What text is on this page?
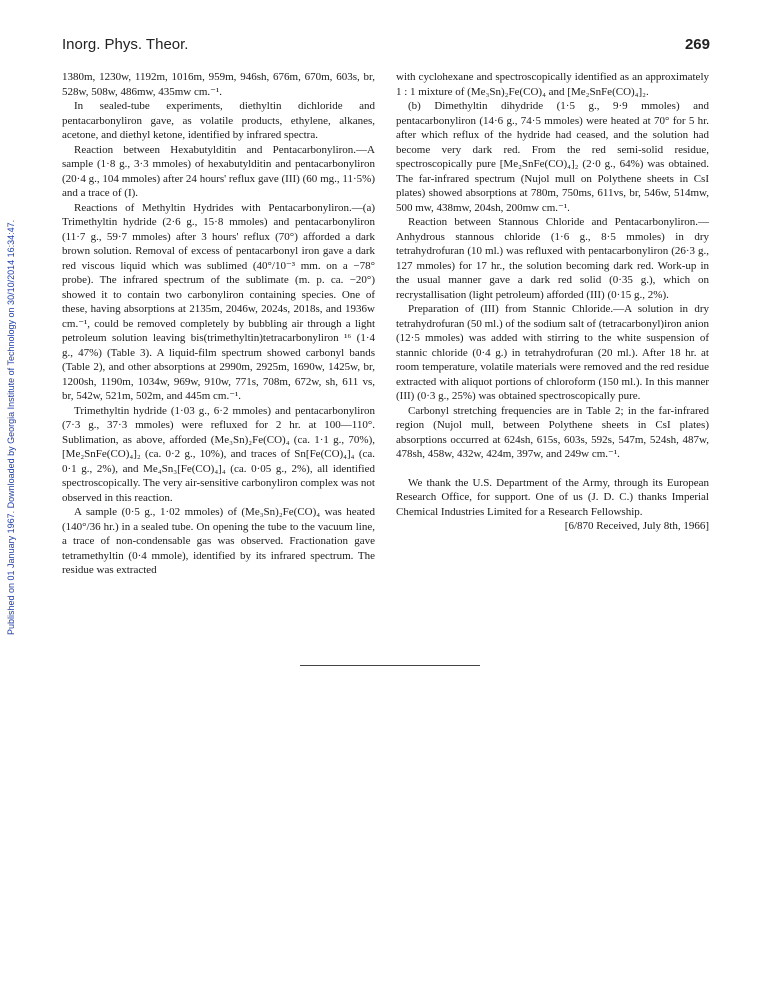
Published on 01 January 1967. Downloaded by Georgia Institute of Technology on 30/10/2014 16:34:47.
Inorg. Phys. Theor.	269

1380m, 1230w, 1192m, 1016m, 959m, 946sh, 676m, 670m, 603s, br, 528w, 508w, 486mw, 435mw cm.⁻¹.

In sealed-tube experiments, diethyltin dichloride and pentacarbonyliron gave, as volatile products, ethylene, alkanes, acetone, and diethyl ketone, identified by infrared spectra.

Reaction between Hexabutylditin and Pentacarbonyliron.—A sample (1·8 g., 3·3 mmoles) of hexabutylditin and pentacarbonyliron (20·4 g., 104 mmoles) after 24 hours' reflux gave (III) (60 mg., 11·5%) and a trace of (I).

Reactions of Methyltin Hydrides with Pentacarbonyliron.—(a) Trimethyltin hydride (2·6 g., 15·8 mmoles) and pentacarbonyliron (11·7 g., 59·7 mmoles) after 3 hours' reflux (70°) afforded a dark brown solution. Removal of excess of pentacarbonyl iron gave a dark red viscous liquid which was sublimed (40°/10⁻³ mm. on a −78° probe). The infrared spectrum of the sublimate (m. p. ca. −20°) showed it to contain two carbonyliron containing species. One of these, having absorptions at 2135m, 2046w, 2024s, 2018s, and 1936w cm.⁻¹, could be removed completely by bubbling air through a light petroleum solution leaving bis(trimethyltin)tetracarbonyliron ¹⁶ (1·4 g., 47%) (Table 3). A liquid-film spectrum showed carbonyl bands (Table 2), and other absorptions at 2990m, 2925m, 1690w, 1425w, br, 1200sh, 1190m, 1034w, 969w, 910w, 771s, 708m, 672w, sh, 611 vs, br, 542w, 521m, 502m, and 445m cm.⁻¹.

Trimethyltin hydride (1·03 g., 6·2 mmoles) and pentacarbonyliron (7·3 g., 37·3 mmoles) were refluxed for 2 hr. at 100—110°. Sublimation, as above, afforded (Me₃Sn)₂Fe(CO)₄ (ca. 1·1 g., 70%), [Me₂SnFe(CO)₄]₂ (ca. 0·2 g., 10%), and traces of Sn[Fe(CO)₄]₄ (ca. 0·1 g., 2%), and Me₄Sn₃[Fe(CO)₄]₄ (ca. 0·05 g., 2%), all identified spectroscopically. The very air-sensitive carbonyliron complex was not observed in this reaction.

A sample (0·5 g., 1·02 mmoles) of (Me₃Sn)₂Fe(CO)₄ was heated (140°/36 hr.) in a sealed tube. On opening the tube to the vacuum line, a trace of non-condensable gas was observed. Fractionation gave tetramethyltin (0·4 mmole), identified by its infrared spectrum. The residue was extracted

with cyclohexane and spectroscopically identified as an approximately 1 : 1 mixture of (Me₃Sn)₂Fe(CO)₄ and [Me₂SnFe(CO)₄]₂.

(b) Dimethyltin dihydride (1·5 g., 9·9 mmoles) and pentacarbonyliron (14·6 g., 74·5 mmoles) were heated at 70° for 5 hr. after which reflux of the hydride had ceased, and the solution had become very dark red. From the red semi-solid residue, spectroscopically pure [Me₂SnFe(CO)₄]₂ (2·0 g., 64%) was obtained. The far-infrared spectrum (Nujol mull on Polythene sheets in CsI plates) showed absorptions at 780m, 750ms, 611vs, br, 546w, 514mw, 500 mw, 438mw, 204sh, 200mw cm.⁻¹.

Reaction between Stannous Chloride and Pentacarbonyliron.—Anhydrous stannous chloride (1·6 g., 8·5 mmoles) in dry tetrahydrofuran (10 ml.) was refluxed with pentacarbonyliron (26·3 g., 127 mmoles) for 17 hr., the solution becoming dark red. Work-up in the usual manner gave a dark red solid (0·35 g.), which on recrystallisation (light petroleum) afforded (III) (0·15 g., 2%).

Preparation of (III) from Stannic Chloride.—A solution in dry tetrahydrofuran (50 ml.) of the sodium salt of (tetracarbonyl)iron anion (12·5 mmoles) was added with stirring to the white suspension of stannic chloride (0·4 g.) in tetrahydrofuran (20 ml.). After 18 hr. at room temperature, volatile materials were removed and the red residue extracted with aliquot portions of chloroform (150 ml.). In this manner (III) (0·3 g., 25%) was obtained spectroscopically pure.

Carbonyl stretching frequencies are in Table 2; in the far-infrared region (Nujol mull, between Polythene sheets in CsI plates) absorptions occurred at 624sh, 615s, 603s, 592s, 547m, 524sh, 487w, 478sh, 458w, 432w, 424m, 397w, and 249w cm.⁻¹.

We thank the U.S. Department of the Army, through its European Research Office, for support. One of us (J. D. C.) thanks Imperial Chemical Industries Limited for a Research Fellowship.

[6/870 Received, July 8th, 1966]
